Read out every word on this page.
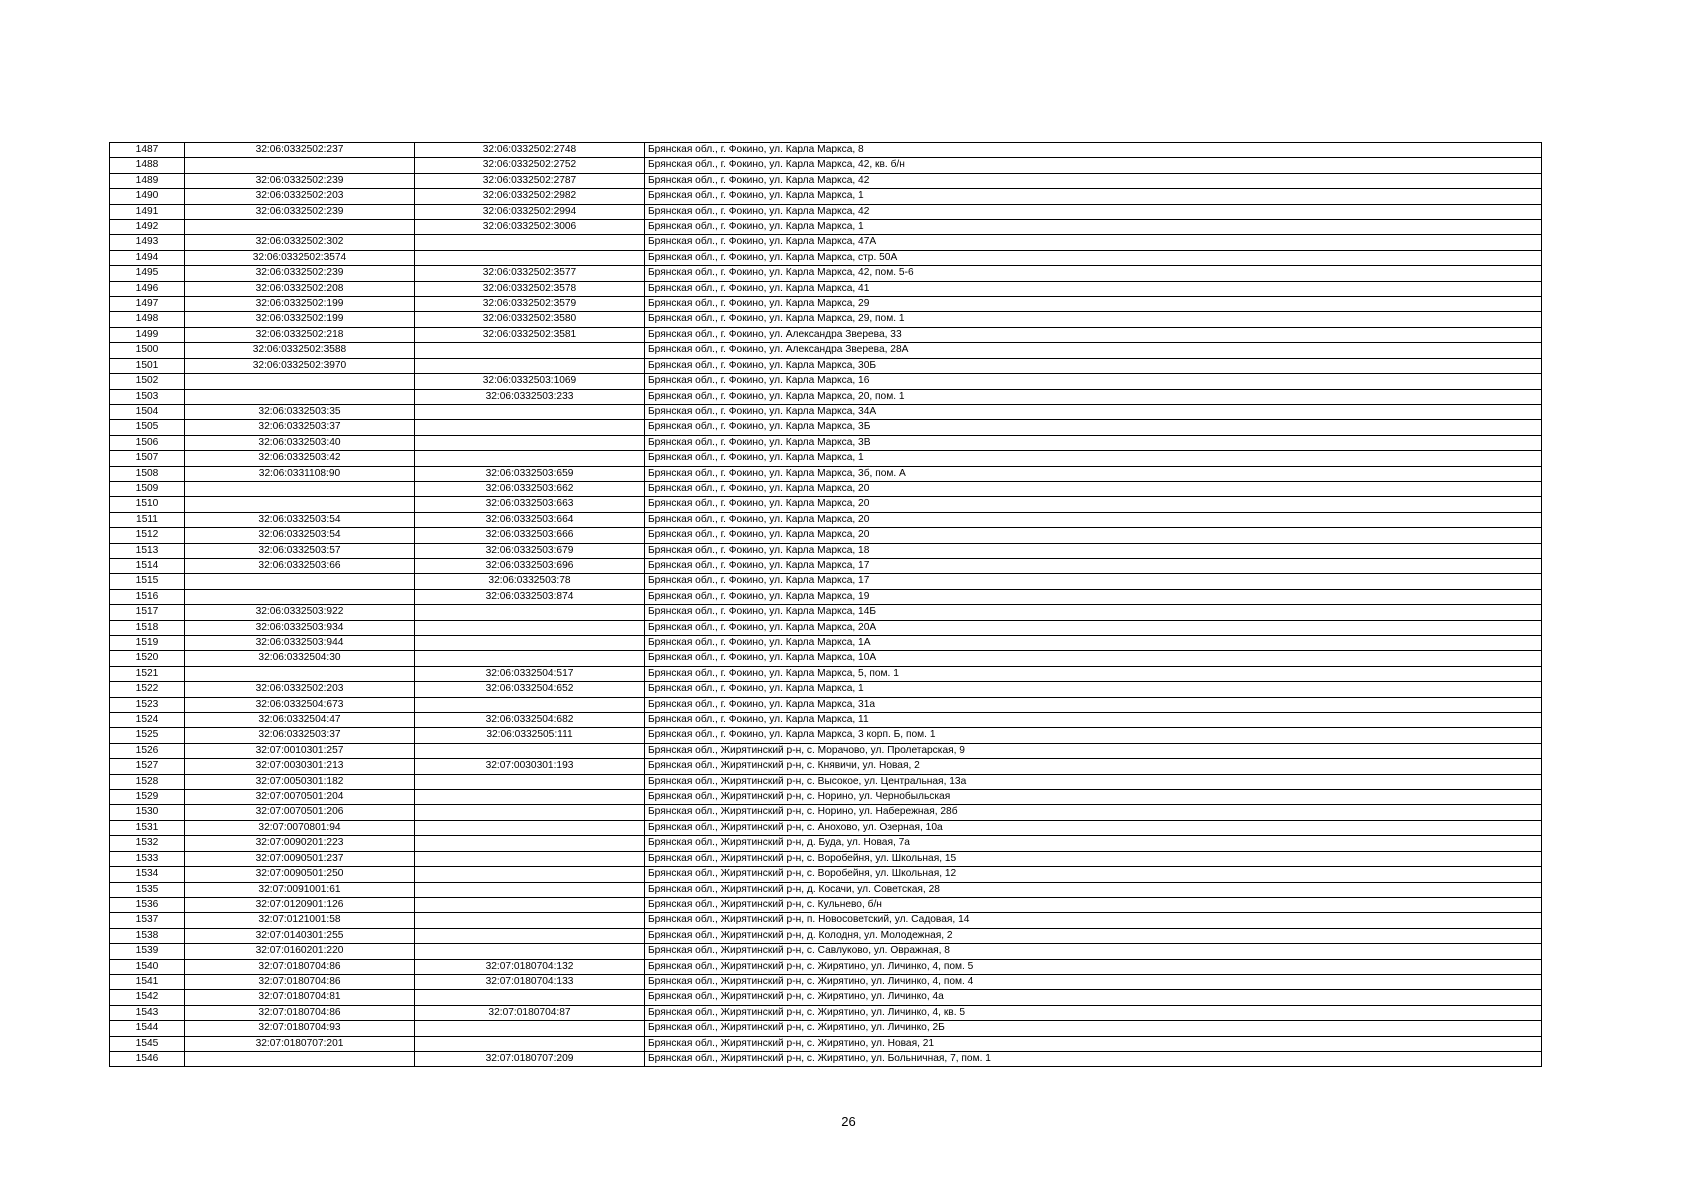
1487	32:06:0332502:237	32:06:0332502:2748	Брянская обл., г. Фокино, ул. Карла Маркса, 8
1488		32:06:0332502:2752	Брянская обл., г. Фокино, ул. Карла Маркса, 42, кв. б/н
1489	32:06:0332502:239	32:06:0332502:2787	Брянская обл., г. Фокино, ул. Карла Маркса, 42
1490	32:06:0332502:203	32:06:0332502:2982	Брянская обл., г. Фокино, ул. Карла Маркса, 1
1491	32:06:0332502:239	32:06:0332502:2994	Брянская обл., г. Фокино, ул. Карла Маркса, 42
1492		32:06:0332502:3006	Брянская обл., г. Фокино, ул. Карла Маркса, 1
1493	32:06:0332502:302		Брянская обл., г. Фокино, ул. Карла Маркса, 47А
1494	32:06:0332502:3574		Брянская обл., г. Фокино, ул. Карла Маркса, стр. 50А
1495	32:06:0332502:239	32:06:0332502:3577	Брянская обл., г. Фокино, ул. Карла Маркса, 42, пом. 5-6
1496	32:06:0332502:208	32:06:0332502:3578	Брянская обл., г. Фокино, ул. Карла Маркса, 41
1497	32:06:0332502:199	32:06:0332502:3579	Брянская обл., г. Фокино, ул. Карла Маркса, 29
1498	32:06:0332502:199	32:06:0332502:3580	Брянская обл., г. Фокино, ул. Карла Маркса, 29, пом. 1
1499	32:06:0332502:218	32:06:0332502:3581	Брянская обл., г. Фокино, ул. Александра Зверева, 33
1500	32:06:0332502:3588		Брянская обл., г. Фокино, ул. Александра Зверева, 28А
1501	32:06:0332502:3970		Брянская обл., г. Фокино, ул. Карла Маркса, 30Б
1502		32:06:0332503:1069	Брянская обл., г. Фокино, ул. Карла Маркса, 16
1503		32:06:0332503:233	Брянская обл., г. Фокино, ул. Карла Маркса, 20, пом. 1
1504	32:06:0332503:35		Брянская обл., г. Фокино, ул. Карла Маркса, 34А
1505	32:06:0332503:37		Брянская обл., г. Фокино, ул. Карла Маркса, 3Б
1506	32:06:0332503:40		Брянская обл., г. Фокино, ул. Карла Маркса, 3В
1507	32:06:0332503:42		Брянская обл., г. Фокино, ул. Карла Маркса, 1
1508	32:06:0331108:90	32:06:0332503:659	Брянская обл., г. Фокино, ул. Карла Маркса, 3б, пом. А
1509		32:06:0332503:662	Брянская обл., г. Фокино, ул. Карла Маркса, 20
1510		32:06:0332503:663	Брянская обл., г. Фокино, ул. Карла Маркса, 20
1511	32:06:0332503:54	32:06:0332503:664	Брянская обл., г. Фокино, ул. Карла Маркса, 20
1512	32:06:0332503:54	32:06:0332503:666	Брянская обл., г. Фокино, ул. Карла Маркса, 20
1513	32:06:0332503:57	32:06:0332503:679	Брянская обл., г. Фокино, ул. Карла Маркса, 18
1514	32:06:0332503:66	32:06:0332503:696	Брянская обл., г. Фокино, ул. Карла Маркса, 17
1515		32:06:0332503:78	Брянская обл., г. Фокино, ул. Карла Маркса, 17
1516		32:06:0332503:874	Брянская обл., г. Фокино, ул. Карла Маркса, 19
1517	32:06:0332503:922		Брянская обл., г. Фокино, ул. Карла Маркса, 14Б
1518	32:06:0332503:934		Брянская обл., г. Фокино, ул. Карла Маркса, 20А
1519	32:06:0332503:944		Брянская обл., г. Фокино, ул. Карла Маркса, 1А
1520	32:06:0332504:30		Брянская обл., г. Фокино, ул. Карла Маркса, 10А
1521		32:06:0332504:517	Брянская обл., г. Фокино, ул. Карла Маркса, 5, пом. 1
1522	32:06:0332502:203	32:06:0332504:652	Брянская обл., г. Фокино, ул. Карла Маркса, 1
1523	32:06:0332504:673		Брянская обл., г. Фокино, ул. Карла Маркса, 31а
1524	32:06:0332504:47	32:06:0332504:682	Брянская обл., г. Фокино, ул. Карла Маркса, 11
1525	32:06:0332503:37	32:06:0332505:111	Брянская обл., г. Фокино, ул. Карла Маркса, 3 корп. Б, пом. 1
1526	32:07:0010301:257		Брянская обл., Жирятинский р-н, с. Морачово, ул. Пролетарская, 9
1527	32:07:0030301:213	32:07:0030301:193	Брянская обл., Жирятинский р-н, с. Княвичи, ул. Новая, 2
1528	32:07:0050301:182		Брянская обл., Жирятинский р-н, с. Высокое, ул. Центральная, 13а
1529	32:07:0070501:204		Брянская обл., Жирятинский р-н, с. Норино, ул. Чернобыльская
1530	32:07:0070501:206		Брянская обл., Жирятинский р-н, с. Норино, ул. Набережная, 28б
1531	32:07:0070801:94		Брянская обл., Жирятинский р-н, с. Анохово, ул. Озерная, 10а
1532	32:07:0090201:223		Брянская обл., Жирятинский р-н, д. Буда, ул. Новая, 7а
1533	32:07:0090501:237		Брянская обл., Жирятинский р-н, с. Воробейня, ул. Школьная, 15
1534	32:07:0090501:250		Брянская обл., Жирятинский р-н, с. Воробейня, ул. Школьная, 12
1535	32:07:0091001:61		Брянская обл., Жирятинский р-н, д. Косачи, ул. Советская, 28
1536	32:07:0120901:126		Брянская обл., Жирятинский р-н, с. Кульнево, б/н
1537	32:07:0121001:58		Брянская обл., Жирятинский р-н, п. Новосоветский, ул. Садовая, 14
1538	32:07:0140301:255		Брянская обл., Жирятинский р-н, д. Колодня, ул. Молодежная, 2
1539	32:07:0160201:220		Брянская обл., Жирятинский р-н, с. Савлуково, ул. Овражная, 8
1540	32:07:0180704:86	32:07:0180704:132	Брянская обл., Жирятинский р-н, с. Жирятино, ул. Личинко, 4, пом. 5
1541	32:07:0180704:86	32:07:0180704:133	Брянская обл., Жирятинский р-н, с. Жирятино, ул. Личинко, 4, пом. 4
1542	32:07:0180704:81		Брянская обл., Жирятинский р-н, с. Жирятино, ул. Личинко, 4а
1543	32:07:0180704:86	32:07:0180704:87	Брянская обл., Жирятинский р-н, с. Жирятино, ул. Личинко, 4, кв. 5
1544	32:07:0180704:93		Брянская обл., Жирятинский р-н, с. Жирятино, ул. Личинко, 2Б
1545	32:07:0180707:201		Брянская обл., Жирятинский р-н, с. Жирятино, ул. Новая, 21
1546		32:07:0180707:209	Брянская обл., Жирятинский р-н, с. Жирятино, ул. Больничная, 7, пом. 1
26
